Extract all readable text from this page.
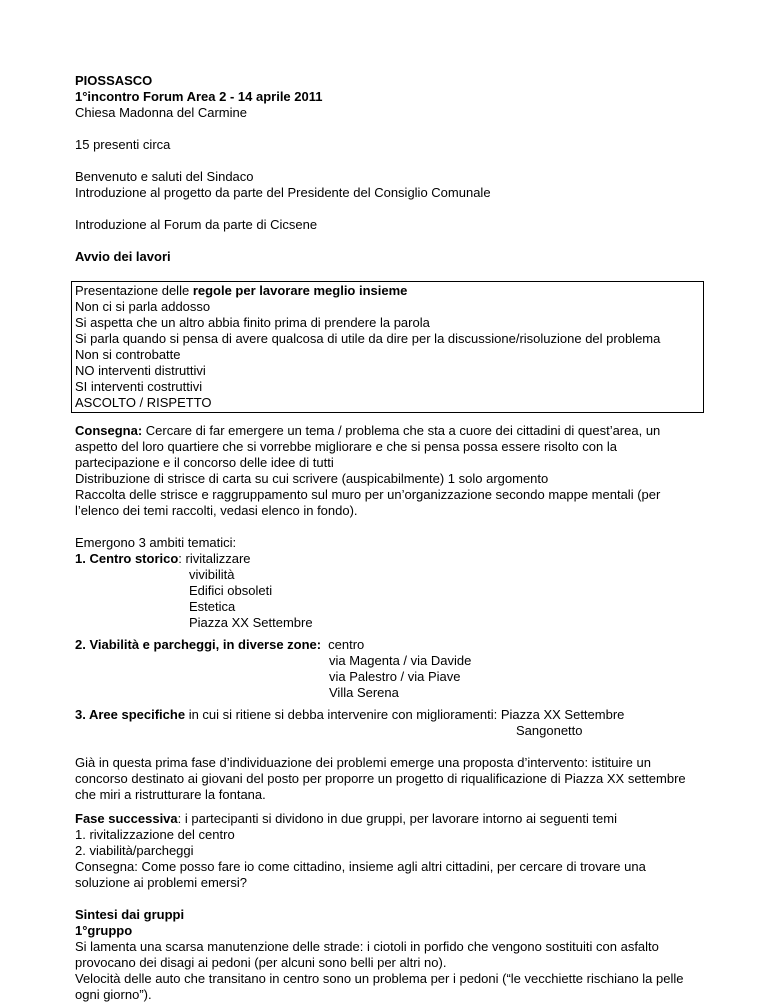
PIOSSASCO

1°incontro Forum Area 2 - 14 aprile 2011

Chiesa Madonna del Carmine

15 presenti circa

Benvenuto e saluti del Sindaco

Introduzione al progetto da parte del Presidente del Consiglio Comunale

Introduzione al Forum da parte di Cicsene

Avvio dei lavori

Presentazione delle regole per lavorare meglio insieme

Non ci si parla addosso

Si aspetta che un altro abbia finito prima di prendere la parola

Si parla quando si pensa di avere qualcosa di utile da dire per la discussione/risoluzione del problema

Non si controbatte

NO interventi distruttivi

SI interventi costruttivi

ASCOLTO / RISPETTO

Consegna: Cercare di far emergere un tema / problema che sta a cuore dei cittadini di quest’area, un aspetto del loro quartiere che si vorrebbe migliorare e che si pensa possa essere risolto con la partecipazione e il concorso delle idee di tutti

Distribuzione di strisce di carta su cui scrivere (auspicabilmente) 1 solo argomento

Raccolta delle strisce e raggruppamento sul muro per un’organizzazione secondo mappe mentali (per l’elenco dei temi raccolti, vedasi elenco in fondo).

Emergono 3 ambiti tematici:

1. Centro storico: rivitalizzare

vivibilità

Edifici obsoleti

Estetica

Piazza XX Settembre

2. Viabilità e parcheggi, in diverse zone: centro

via Magenta / via Davide

via Palestro / via Piave

Villa Serena

3. Aree specifiche in cui si ritiene si debba intervenire con miglioramenti: Piazza XX Settembre

Sangonetto

Già in questa prima fase d’individuazione dei problemi emerge una proposta d’intervento: istituire un concorso destinato ai giovani del posto per proporre un progetto di riqualificazione di Piazza XX settembre che miri a ristrutturare la fontana.

Fase successiva: i partecipanti si dividono in due gruppi, per lavorare intorno ai seguenti temi

1. rivitalizzazione del centro

2. viabilità/parcheggi

Consegna: Come posso fare io come cittadino, insieme agli altri cittadini, per cercare di trovare una soluzione ai problemi emersi?

Sintesi dai gruppi

1°gruppo

Si lamenta una scarsa manutenzione delle strade: i ciotoli in porfido che vengono sostituiti con asfalto provocano dei disagi ai pedoni (per alcuni sono belli per altri no).

Velocità delle auto che transitano in centro sono un problema per i pedoni (“le vecchiette rischiano la pelle ogni giorno”).
